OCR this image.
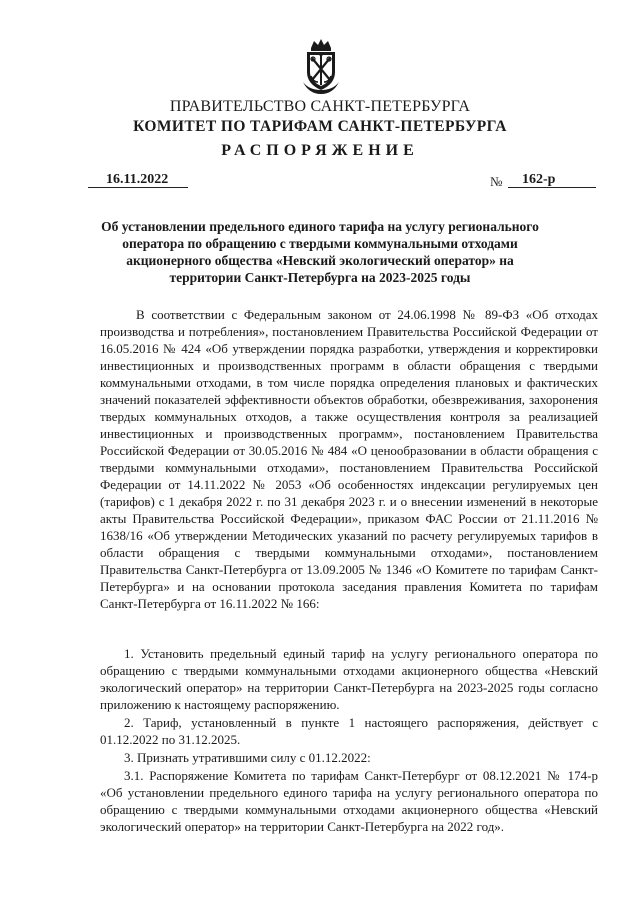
ПРАВИТЕЛЬСТВО САНКТ-ПЕТЕРБУРГА
КОМИТЕТ ПО ТАРИФАМ САНКТ-ПЕТЕРБУРГА
РАСПОРЯЖЕНИЕ
16.11.2022	№	162-р
Об установлении предельного единого тарифа на услугу регионального оператора по обращению с твердыми коммунальными отходами акционерного общества «Невский экологический оператор» на территории Санкт-Петербурга на 2023-2025 годы
В соответствии с Федеральным законом от 24.06.1998 № 89-ФЗ «Об отходах производства и потребления», постановлением Правительства Российской Федерации от 16.05.2016 № 424 «Об утверждении порядка разработки, утверждения и корректировки инвестиционных и производственных программ в области обращения с твердыми коммунальными отходами, в том числе порядка определения плановых и фактических значений показателей эффективности объектов обработки, обезвреживания, захоронения твердых коммунальных отходов, а также осуществления контроля за реализацией инвестиционных и производственных программ», постановлением Правительства Российской Федерации от 30.05.2016 № 484 «О ценообразовании в области обращения с твердыми коммунальными отходами», постановлением Правительства Российской Федерации от 14.11.2022 № 2053 «Об особенностях индексации регулируемых цен (тарифов) с 1 декабря 2022 г. по 31 декабря 2023 г. и о внесении изменений в некоторые акты Правительства Российской Федерации», приказом ФАС России от 21.11.2016 № 1638/16 «Об утверждении Методических указаний по расчету регулируемых тарифов в области обращения с твердыми коммунальными отходами», постановлением Правительства Санкт-Петербурга от 13.09.2005 № 1346 «О Комитете по тарифам Санкт-Петербурга» и на основании протокола заседания правления Комитета по тарифам Санкт-Петербурга от 16.11.2022 № 166:

1. Установить предельный единый тариф на услугу регионального оператора по обращению с твердыми коммунальными отходами акционерного общества «Невский экологический оператор» на территории Санкт-Петербурга на 2023-2025 годы согласно приложению к настоящему распоряжению.

2. Тариф, установленный в пункте 1 настоящего распоряжения, действует с 01.12.2022 по 31.12.2025.

3. Признать утратившими силу с 01.12.2022:

3.1. Распоряжение Комитета по тарифам Санкт-Петербург от 08.12.2021 № 174-р «Об установлении предельного единого тарифа на услугу регионального оператора по обращению с твердыми коммунальными отходами акционерного общества «Невский экологический оператор» на территории Санкт-Петербурга на 2022 год».
